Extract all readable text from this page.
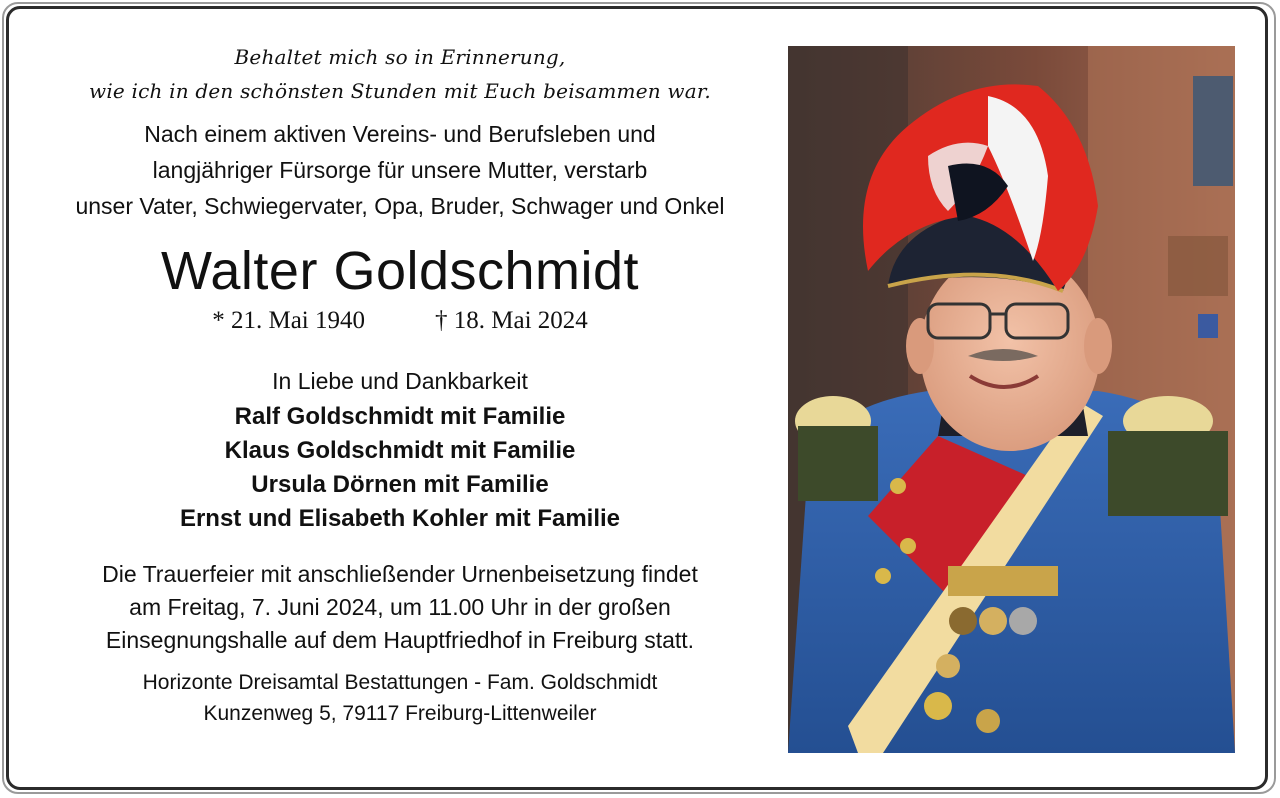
Behaltet mich so in Erinnerung,

wie ich in den schönsten Stunden mit Euch beisammen war.

Nach einem aktiven Vereins- und Berufsleben und

langjähriger Fürsorge für unsere Mutter, verstarb

unser Vater, Schwiegervater, Opa, Bruder, Schwager und Onkel

Walter Goldschmidt
* 21. Mai 1940	† 18. Mai 2024

In Liebe und Dankbarkeit

Ralf Goldschmidt mit Familie

Klaus Goldschmidt mit Familie

Ursula Dörnen mit Familie

Ernst und Elisabeth Kohler mit Familie

Die Trauerfeier mit anschließender Urnenbeisetzung findet

am Freitag, 7. Juni 2024, um 11.00 Uhr in der großen

Einsegnungshalle auf dem Hauptfriedhof in Freiburg statt.

Horizonte Dreisamtal Bestattungen - Fam. Goldschmidt

Kunzenweg 5, 79117 Freiburg-Littenweiler
